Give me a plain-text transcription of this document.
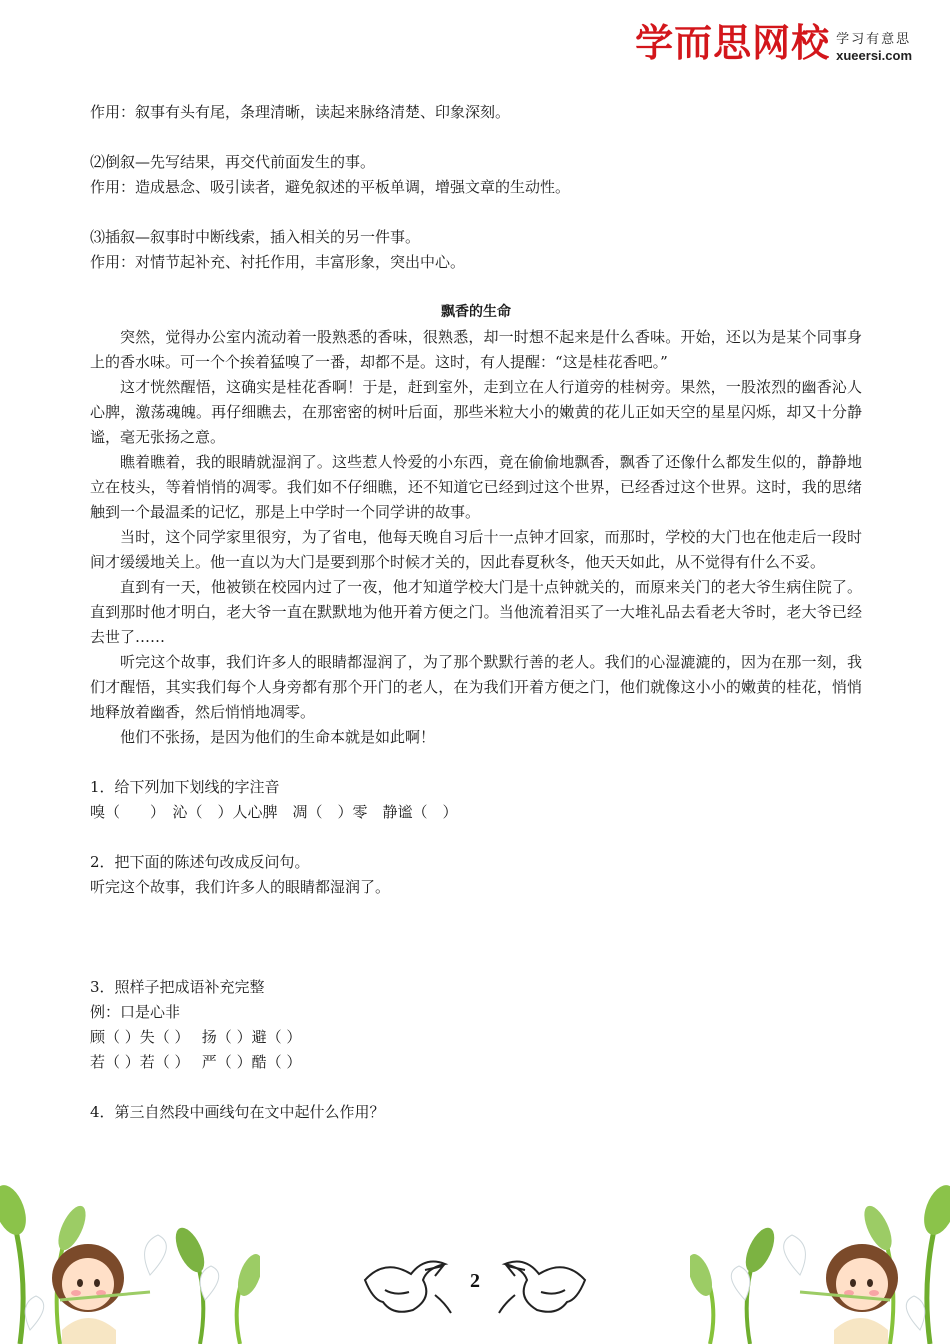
学而思网校 学习有意思
xueersi.com

作用：叙事有头有尾，条理清晰，读起来脉络清楚、印象深刻。

⑵倒叙—先写结果，再交代前面发生的事。

作用：造成悬念、吸引读者，避免叙述的平板单调，增强文章的生动性。

⑶插叙—叙事时中断线索，插入相关的另一件事。

作用：对情节起补充、衬托作用，丰富形象，突出中心。

飘香的生命

突然，觉得办公室内流动着一股熟悉的香味，很熟悉，却一时想不起来是什么香味。开始，还以为是某个同事身上的香水味。可一个个挨着猛嗅了一番，却都不是。这时，有人提醒：“这是桂花香吧。”

这才恍然醒悟，这确实是桂花香啊！于是，赶到室外，走到立在人行道旁的桂树旁。果然，一股浓烈的幽香沁人心脾，激荡魂魄。再仔细瞧去，在那密密的树叶后面，那些米粒大小的嫩黄的花儿正如天空的星星闪烁，却又十分静谧，毫无张扬之意。

瞧着瞧着，我的眼睛就湿润了。这些惹人怜爱的小东西，竟在偷偷地飘香，飘香了还像什么都发生似的，静静地立在枝头，等着悄悄的凋零。我们如不仔细瞧，还不知道它已经到过这个世界，已经香过这个世界。这时，我的思绪触到一个最温柔的记忆，那是上中学时一个同学讲的故事。

当时，这个同学家里很穷，为了省电，他每天晚自习后十一点钟才回家，而那时，学校的大门也在他走后一段时间才缓缓地关上。他一直以为大门是要到那个时候才关的，因此春夏秋冬，他天天如此，从不觉得有什么不妥。

直到有一天，他被锁在校园内过了一夜，他才知道学校大门是十点钟就关的，而原来关门的老大爷生病住院了。直到那时他才明白，老大爷一直在默默地为他开着方便之门。当他流着泪买了一大堆礼品去看老大爷时，老大爷已经去世了……

听完这个故事，我们许多人的眼睛都湿润了，为了那个默默行善的老人。我们的心湿漉漉的，因为在那一刻，我们才醒悟，其实我们每个人身旁都有那个开门的老人，在为我们开着方便之门，他们就像这小小的嫩黄的桂花，悄悄地释放着幽香，然后悄悄地凋零。

他们不张扬，是因为他们的生命本就是如此啊！

1．给下列加下划线的字注音

嗅（　　）　沁（　）人心脾　凋（　）零　静谧（　）

2．把下面的陈述句改成反问句。

听完这个故事，我们许多人的眼睛都湿润了。

3．照样子把成语补充完整

例：口是心非

顾（ ）失（ ）　 扬（ ）避（ ）

若（ ）若（ ）　 严（ ）酷（ ）

4．第三自然段中画线句在文中起什么作用？

2
